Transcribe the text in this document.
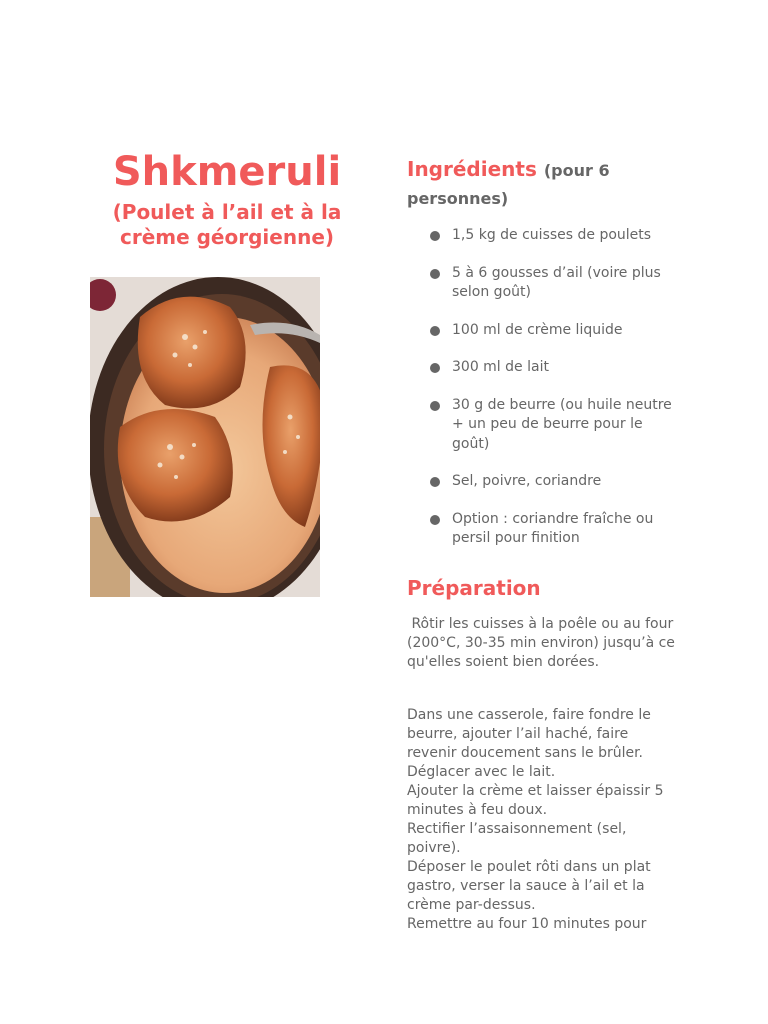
Shkmeruli

(Poulet à l’ail et à la crème géorgienne)

Ingrédients (pour 6 personnes)
1,5 kg de cuisses de poulets
5 à 6 gousses d’ail (voire plus selon goût)
100 ml de crème liquide
300 ml de lait
30 g de beurre (ou huile neutre + un peu de beurre pour le goût)
Sel, poivre, coriandre
Option : coriandre fraîche ou persil pour finition
Préparation

Rôtir les cuisses à la poêle ou au four (200°C, 30-35 min environ) jusqu’à ce qu'elles soient bien dorées.

Dans une casserole, faire fondre le beurre, ajouter l’ail haché, faire revenir doucement sans le brûler.
Déglacer avec le lait.
Ajouter la crème et laisser épaissir 5 minutes à feu doux.
Rectifier l’assaisonnement (sel, poivre).
Déposer le poulet rôti dans un plat gastro, verser la sauce à l’ail et la crème par-dessus.
Remettre au four 10 minutes pour
